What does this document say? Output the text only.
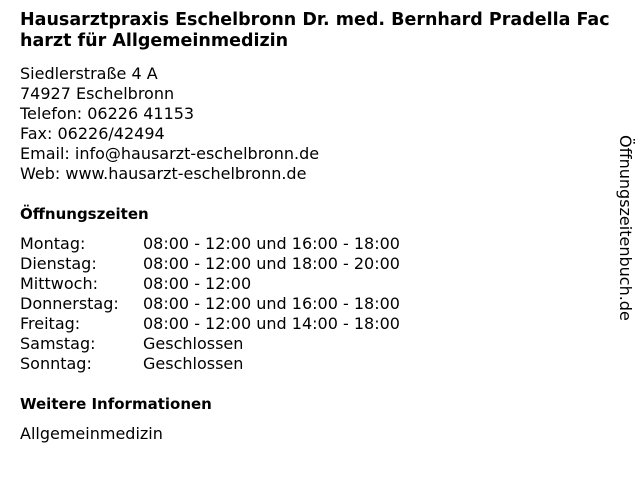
Hausarztpraxis Eschelbronn Dr. med. Bernhard Pradella Facharzt für Allgemeinmedizin
Siedlerstraße 4 A
74927 Eschelbronn
Telefon: 06226 41153
Fax: 06226/42494
Email: info@hausarzt-eschelbronn.de
Web: www.hausarzt-eschelbronn.de
Öffnungszeiten
Montag:	08:00 - 12:00 und 16:00 - 18:00
Dienstag:	08:00 - 12:00 und 18:00 - 20:00
Mittwoch:	08:00 - 12:00
Donnerstag: 08:00 - 12:00 und 16:00 - 18:00
Freitag:	08:00 - 12:00 und 14:00 - 18:00
Samstag:	Geschlossen
Sonntag:	Geschlossen
Weitere Informationen

Allgemeinmedizin

Öffnungszeitenbuch.de
